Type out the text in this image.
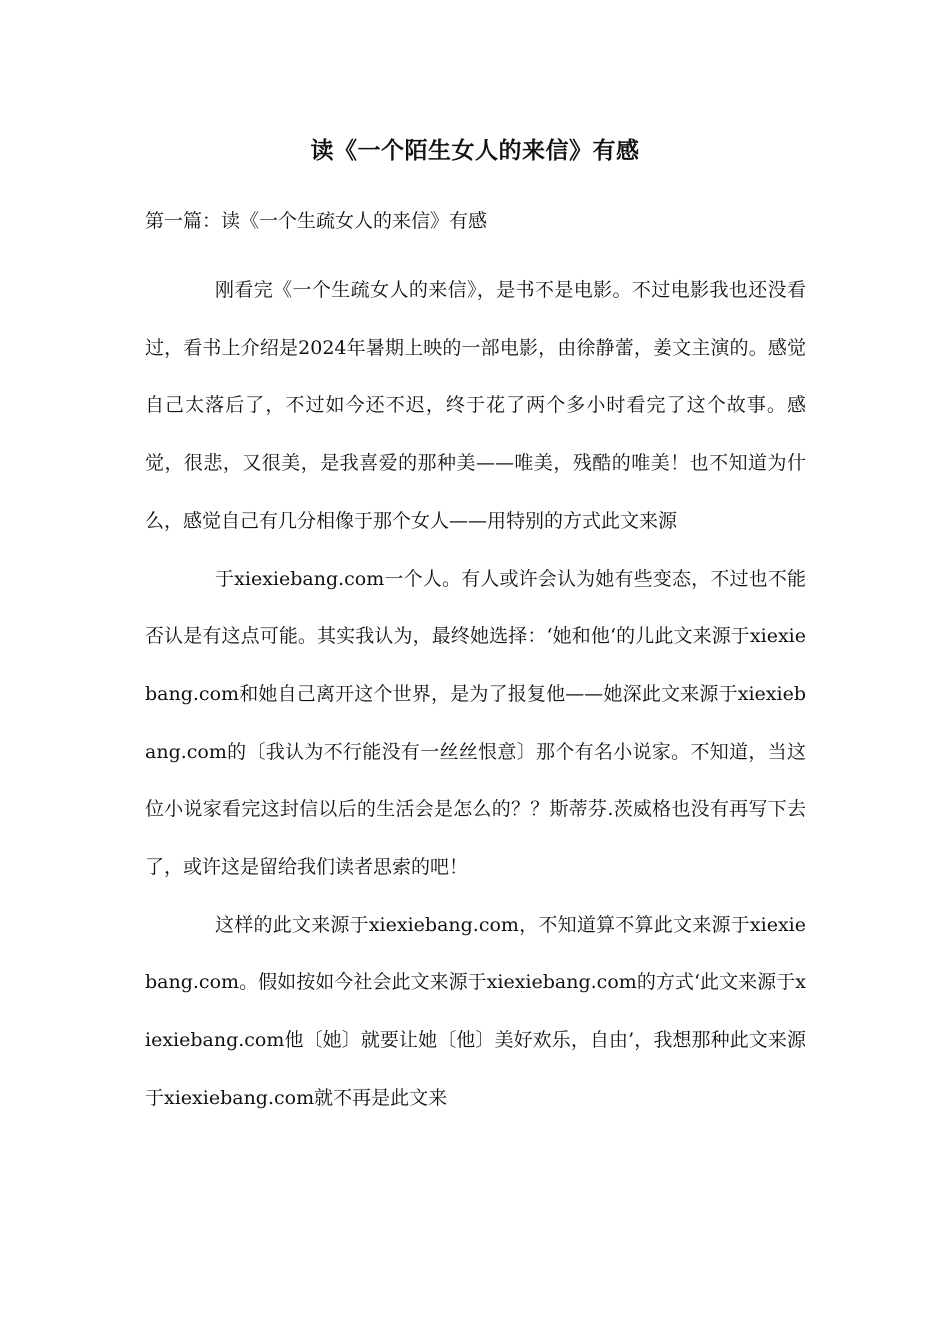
读《一个陌生女人的来信》有感
第一篇：读《一个生疏女人的来信》有感

刚看完《一个生疏女人的来信》，是书不是电影。不过电影我也还没看过，看书上介绍是2024年暑期上映的一部电影，由徐静蕾，姜文主演的。感觉自己太落后了，不过如今还不迟，终于花了两个多小时看完了这个故事。感觉，很悲，又很美，是我喜爱的那种美——唯美，残酷的唯美！也不知道为什么，感觉自己有几分相像于那个女人——用特别的方式此文来源

于xiexiebang.com一个人。有人或许会认为她有些变态，不过也不能否认是有这点可能。其实我认为，最终她选择：‘她和他‘的儿此文来源于xiexiebang.com和她自己离开这个世界，是为了报复他——她深此文来源于xiexiebang.com的〔我认为不行能没有一丝丝恨意〕那个有名小说家。不知道，当这位小说家看完这封信以后的生活会是怎么的？？斯蒂芬.茨威格也没有再写下去了，或许这是留给我们读者思索的吧！

这样的此文来源于xiexiebang.com，不知道算不算此文来源于xiexiebang.com。假如按如今社会此文来源于xiexiebang.com的方式‘此文来源于xiexiebang.com他〔她〕就要让她〔他〕美好欢乐，自由’，我想那种此文来源于xiexiebang.com就不再是此文来
